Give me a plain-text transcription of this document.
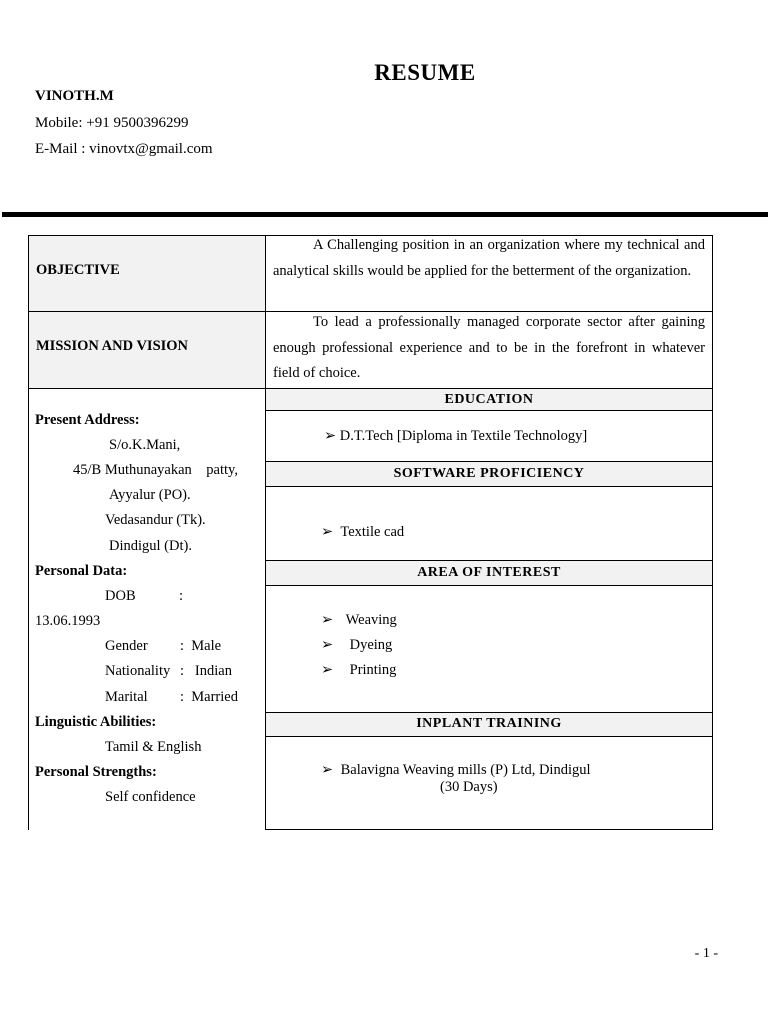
RESUME
VINOTH.M
Mobile: +91 9500396299
E-Mail : vinovtx@gmail.com
OBJECTIVE
A Challenging position in an organization where my technical and analytical skills would be applied for the betterment of the organization.
MISSION AND VISION
To lead a professionally managed corporate sector after gaining enough professional experience and to be in the forefront in whatever field of choice.
Present Address:
S/o.K.Mani,
45/B Muthunayakan    patty,
Ayyalur (PO).
Vedasandur (Tk).
Dindigul (Dt).
Personal Data:
DOB	:
13.06.1993
Gender :  Male
Nationality :   Indian
Marital :  Married
Linguistic Abilities:
Tamil & English
Personal Strengths:
Self confidence
EDUCATION
➢ D.T.Tech [Diploma in Textile Technology]
SOFTWARE PROFICIENCY
➢ Textile cad
AREA OF INTEREST
➢ Weaving
➢ Dyeing
➢ Printing
INPLANT TRAINING
➢ Balavigna Weaving mills (P) Ltd, Dindigul
(30 Days)
- 1 -
